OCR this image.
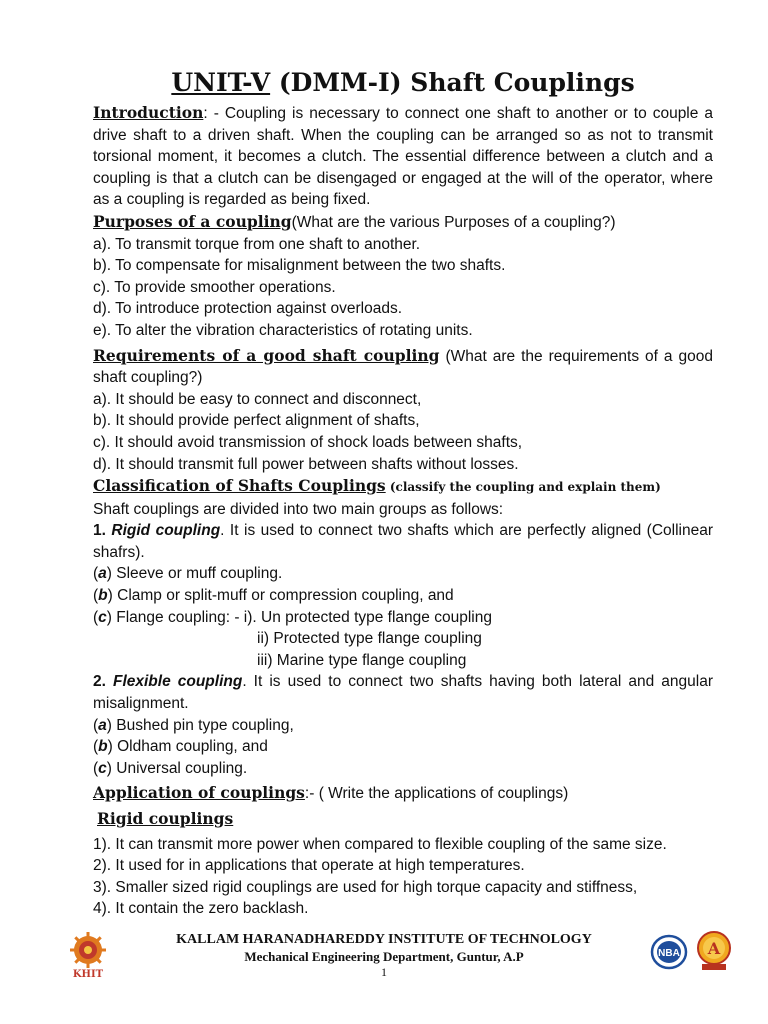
UNIT-V (DMM-I) Shaft Couplings

Introduction: - Coupling is necessary to connect one shaft to another or to couple a drive shaft to a driven shaft. When the coupling can be arranged so as not to transmit torsional moment, it becomes a clutch. The essential difference between a clutch and a coupling is that a clutch can be disengaged or engaged at the will of the operator, where as a coupling is regarded as being fixed.

Purposes of a coupling(What are the various Purposes of a coupling?)

a). To transmit torque from one shaft to another.

b). To compensate for misalignment between the two shafts.

c). To provide smoother operations.

d). To introduce protection against overloads.

e). To alter the vibration characteristics of rotating units.

Requirements of a good shaft coupling (What are the requirements of a good shaft coupling?)

a). It should be easy to connect and disconnect,

b). It should provide perfect alignment of shafts,

c). It should avoid transmission of shock loads between shafts,

d). It should transmit full power between shafts without losses.

Classification of Shafts Couplings (classify the coupling and explain them)

Shaft couplings are divided into two main groups as follows:

1. Rigid coupling. It is used to connect two shafts which are perfectly aligned (Collinear shafrs).

(a) Sleeve or muff coupling.

(b) Clamp or split-muff or compression coupling, and

(c) Flange coupling: - i). Un protected type flange coupling

ii) Protected type flange coupling

iii) Marine type flange coupling

2. Flexible coupling. It is used to connect two shafts having both lateral and angular misalignment.

(a) Bushed pin type coupling,

(b) Oldham coupling, and

(c) Universal coupling.

Application of couplings:- ( Write the applications of couplings)

Rigid couplings

1). It can transmit more power when compared to flexible coupling of the same size.

2). It used for in applications that operate at high temperatures.

3). Smaller sized rigid couplings are used for high torque capacity and stiffness,

4). It contain the zero backlash.

KHIT
KALLAM HARANADHAREDDY INSTITUTE OF TECHNOLOGY
Mechanical Engineering Department, Guntur, A.P
1
NBA A
